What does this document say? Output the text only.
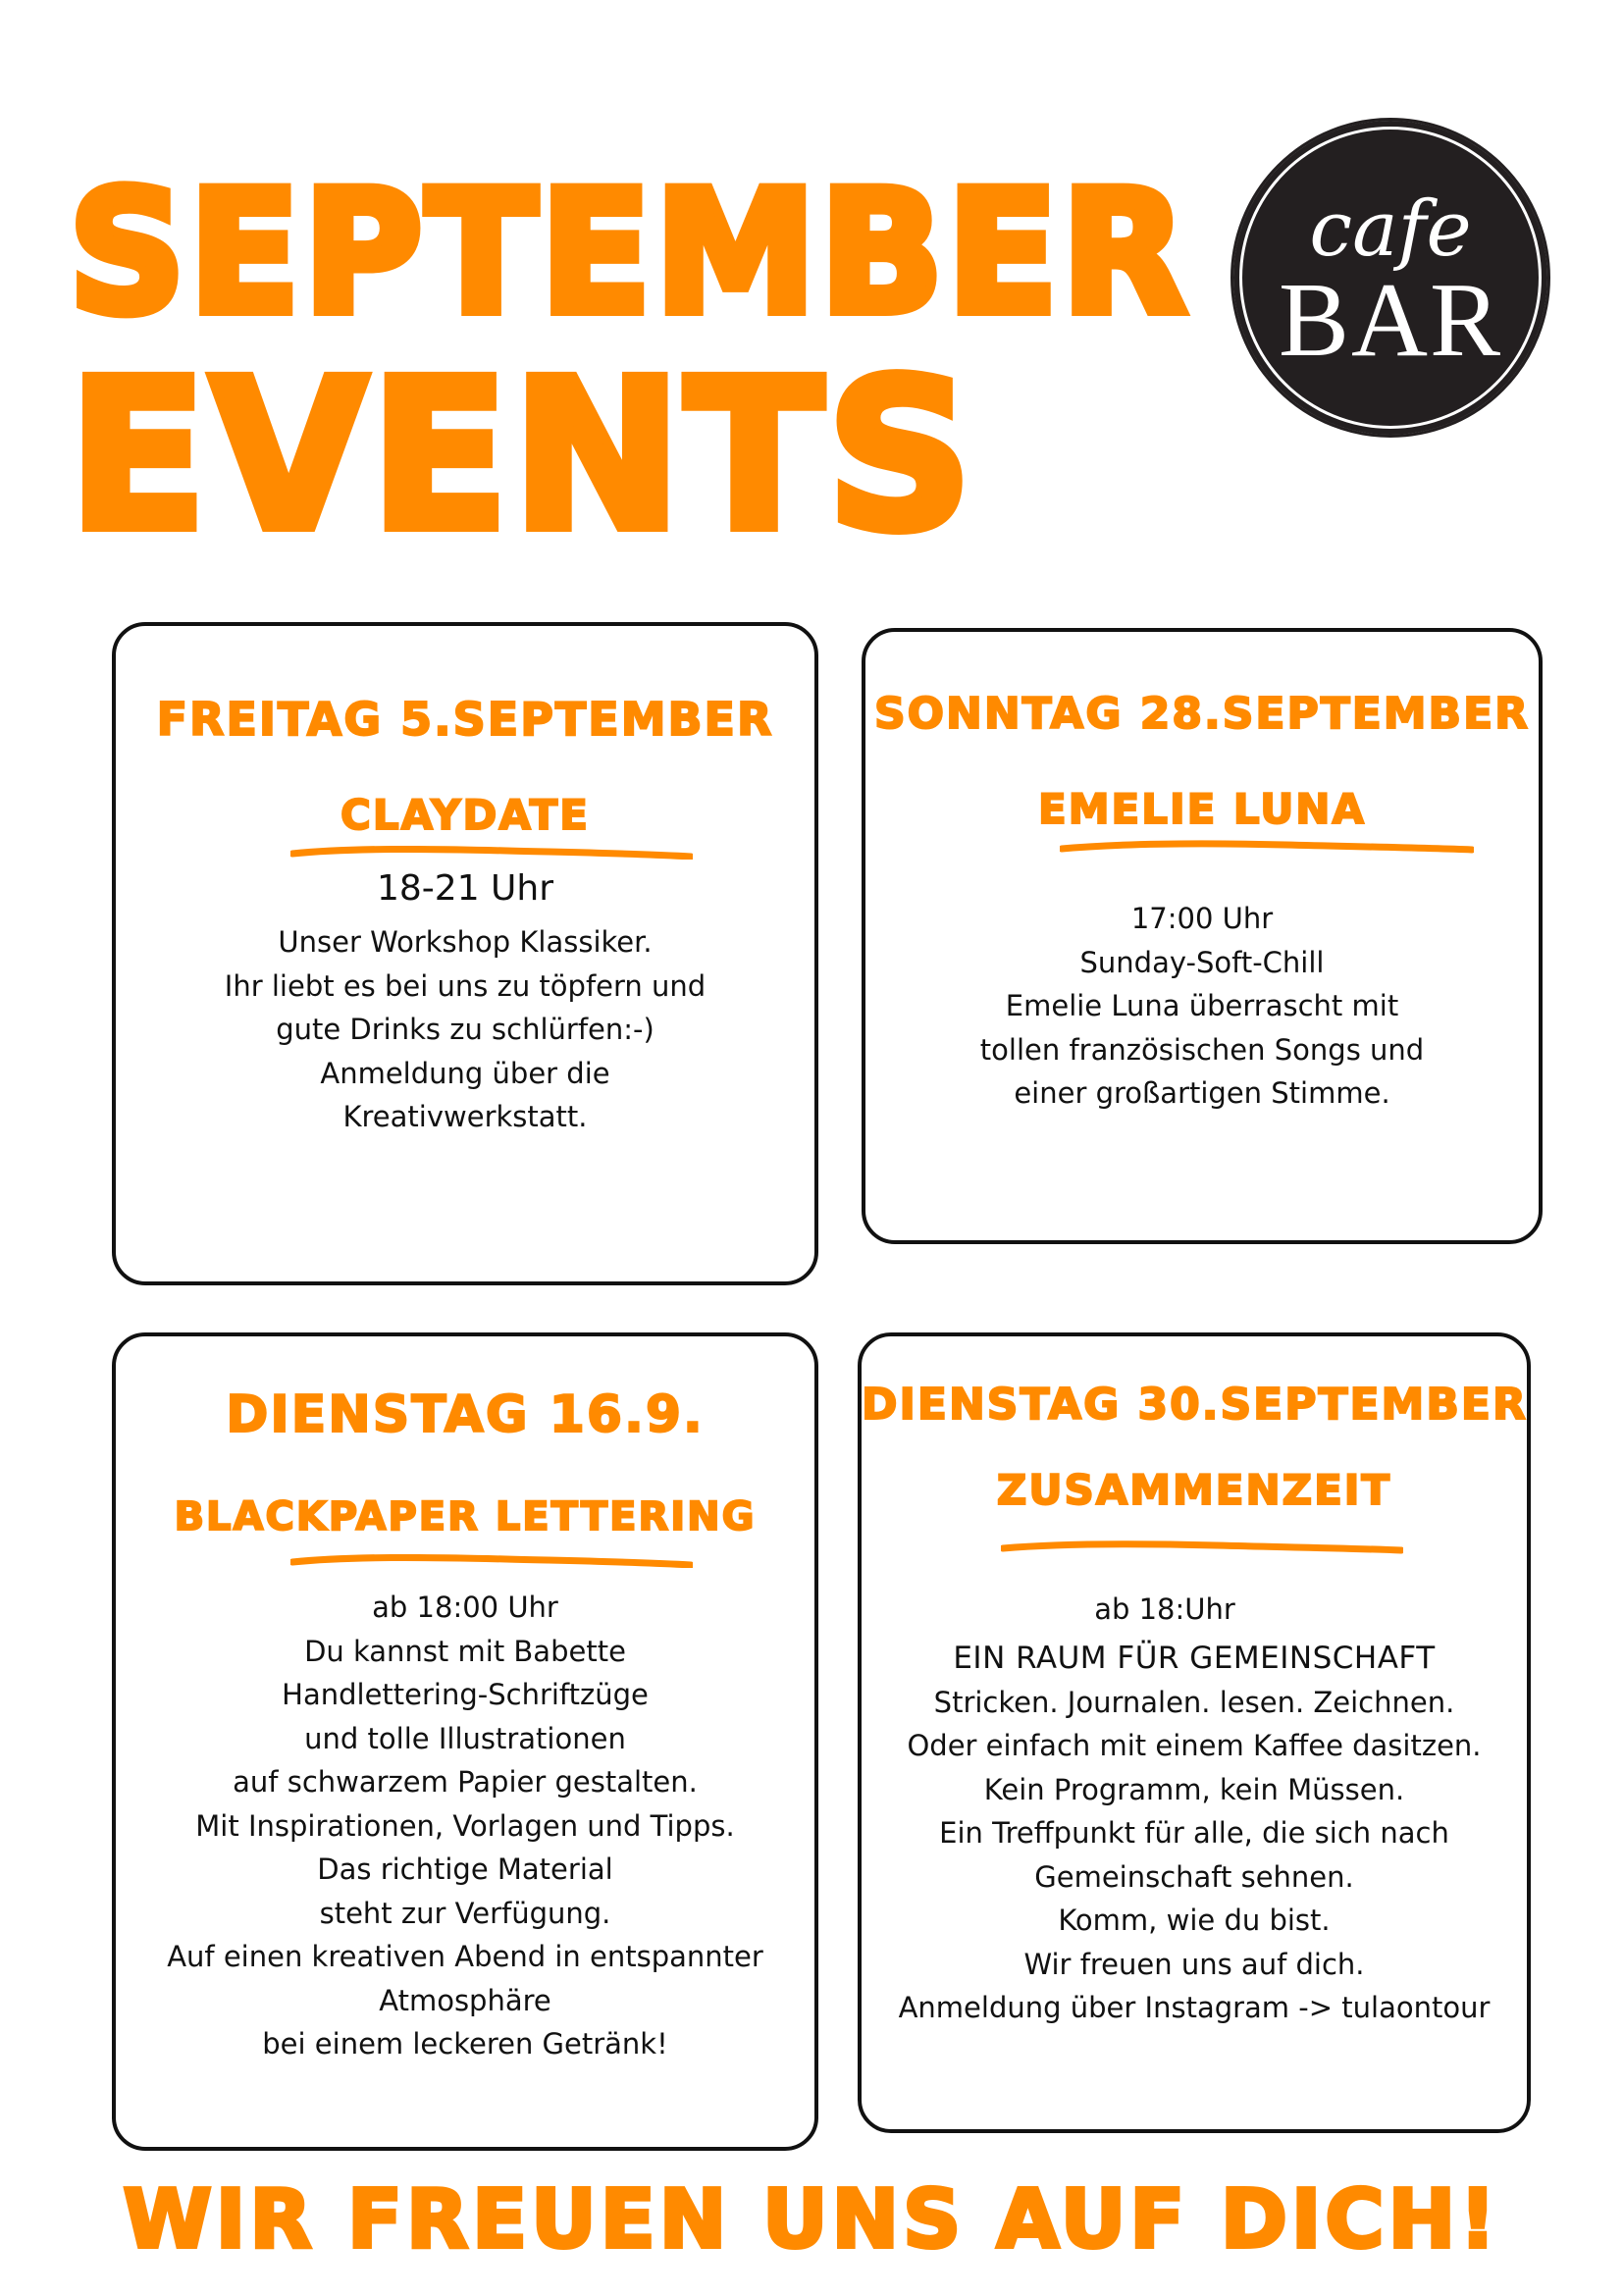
SEPTEMBER
EVENTS
cafe
BAR
FREITAG 5.SEPTEMBER
CLAYDATE

18-21 Uhr

Unser Workshop Klassiker.
Ihr liebt es bei uns zu töpfern und
gute Drinks zu schlürfen:-)
Anmeldung über die
Kreativwerkstatt.
SONNTAG 28.SEPTEMBER
EMELIE LUNA
17:00 Uhr
Sunday-Soft-Chill
Emelie Luna überrascht mit
tollen französischen Songs und
einer großartigen Stimme.
DIENSTAG 16.9.
BLACKPAPER LETTERING
ab 18:00 Uhr
Du kannst mit Babette
Handlettering-Schriftzüge
und tolle Illustrationen
auf schwarzem Papier gestalten.
Mit Inspirationen, Vorlagen und Tipps.
Das richtige Material
steht zur Verfügung.
Auf einen kreativen Abend in entspannter
Atmosphäre
bei einem leckeren Getränk!
DIENSTAG 30.SEPTEMBER
ZUSAMMENZEIT

ab 18:Uhr

EIN RAUM FÜR GEMEINSCHAFT
Stricken. Journalen. lesen. Zeichnen.
Oder einfach mit einem Kaffee dasitzen.
Kein Programm, kein Müssen.
Ein Treffpunkt für alle, die sich nach
Gemeinschaft sehnen.
Komm, wie du bist.
Wir freuen uns auf dich.
Anmeldung über Instagram -> tulaontour

WIR FREUEN UNS AUF DICH!
